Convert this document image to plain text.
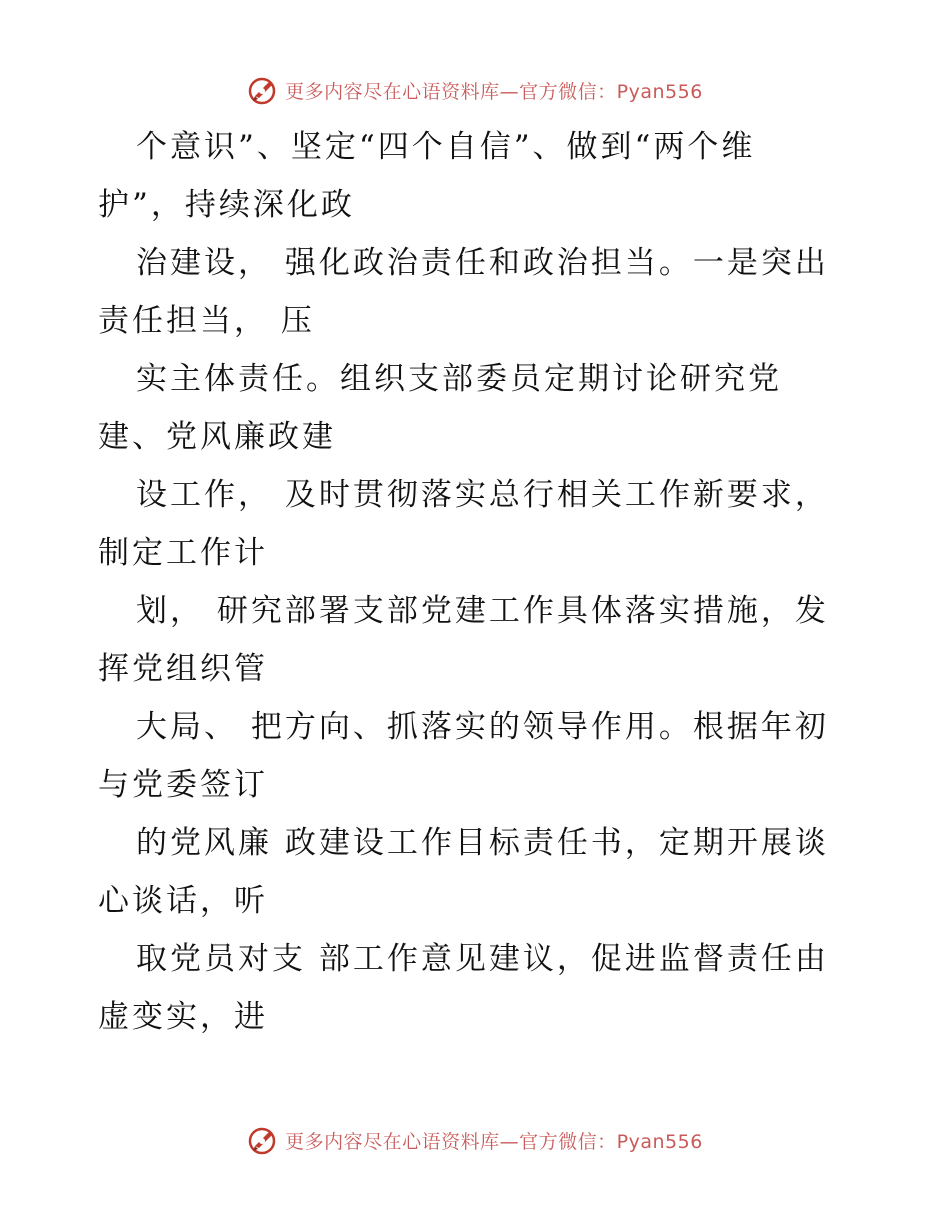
更多内容尽在心语资料库—官方微信：Pyan556

个意识”、坚定“四个自信”、做到“两个维护”，持续深化政

治建设， 强化政治责任和政治担当。一是突出责任担当， 压

实主体责任。组织支部委员定期讨论研究党建、党风廉政建

设工作， 及时贯彻落实总行相关工作新要求，制定工作计

划， 研究部署支部党建工作具体落实措施，发挥党组织管

大局、 把方向、抓落实的领导作用。根据年初与党委签订

的党风廉 政建设工作目标责任书，定期开展谈心谈话，听

取党员对支 部工作意见建议，促进监督责任由虚变实，进

更多内容尽在心语资料库—官方微信：Pyan556
